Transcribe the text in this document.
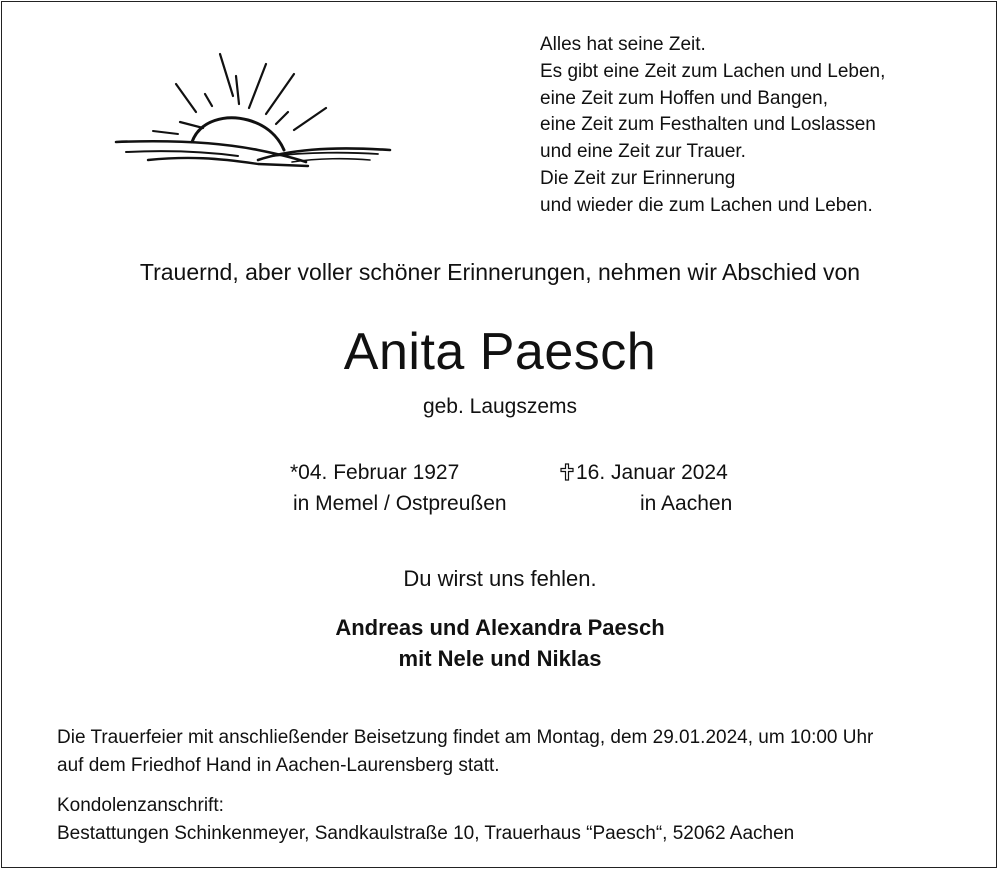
Alles hat seine Zeit.
Es gibt eine Zeit zum Lachen und Leben,
eine Zeit zum Hoffen und Bangen,
eine Zeit zum Festhalten und Loslassen
und eine Zeit zur Trauer.
Die Zeit zur Erinnerung
und wieder die zum Lachen und Leben.
Trauernd, aber voller schöner Erinnerungen, nehmen wir Abschied von
Anita Paesch
geb. Laugszems
*04. Februar 1927
in Memel / Ostpreußen
16. Januar 2024
in Aachen
Du wirst uns fehlen.
Andreas und Alexandra Paesch
mit Nele und Niklas
Die Trauerfeier mit anschließender Beisetzung findet am Montag, dem 29.01.2024, um 10:00 Uhr
auf dem Friedhof Hand in Aachen-Laurensberg statt.
Kondolenzanschrift:
Bestattungen Schinkenmeyer, Sandkaulstraße 10, Trauerhaus “Paesch“, 52062 Aachen
